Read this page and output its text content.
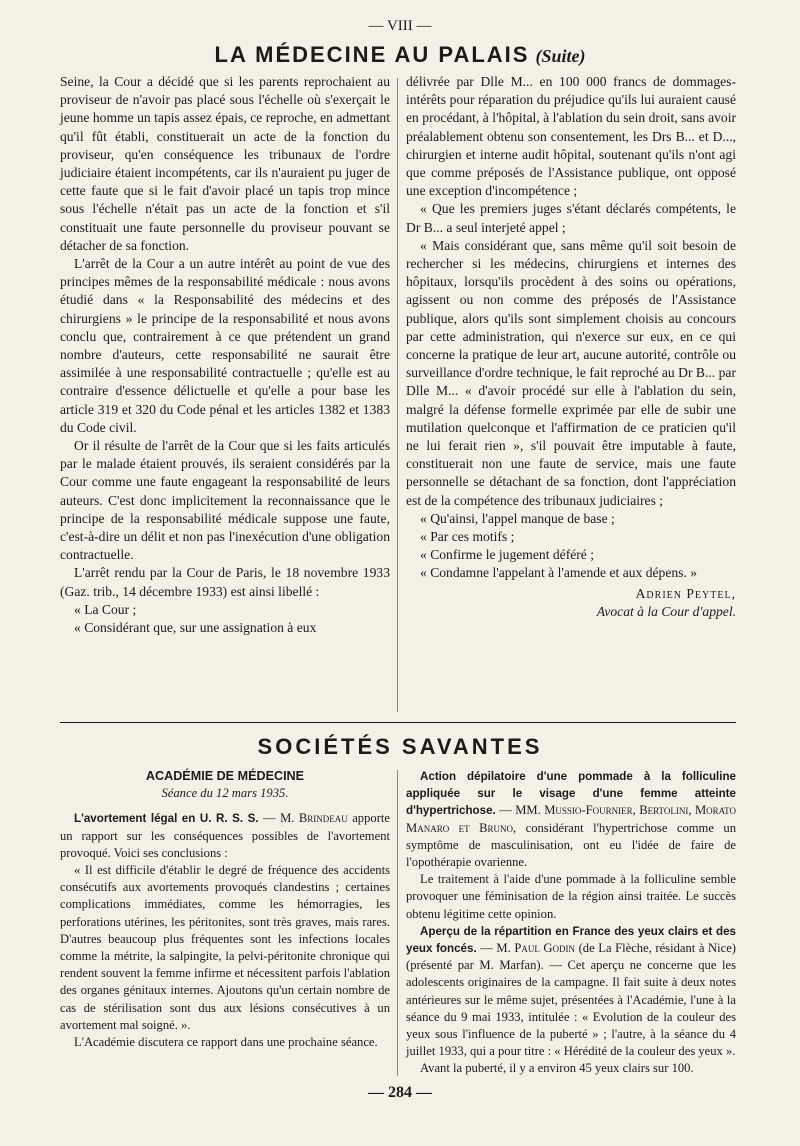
— VIII —
LA MÉDECINE AU PALAIS (Suite)

Seine, la Cour a décidé que si les parents reprochaient au proviseur de n'avoir pas placé sous l'échelle où s'exerçait le jeune homme un tapis assez épais, ce reproche, en admettant qu'il fût établi, constituerait un acte de la fonction du proviseur, qu'en conséquence les tribunaux de l'ordre judiciaire étaient incompétents, car ils n'auraient pu juger de cette faute que si le fait d'avoir placé un tapis trop mince sous l'échelle n'était pas un acte de la fonction et s'il constituait une faute personnelle du proviseur pouvant se détacher de sa fonction.

L'arrêt de la Cour a un autre intérêt au point de vue des principes mêmes de la responsabilité médicale : nous avons étudié dans « la Responsabilité des médecins et des chirurgiens » le principe de la responsabilité et nous avons conclu que, contrairement à ce que prétendent un grand nombre d'auteurs, cette responsabilité ne saurait être assimilée à une responsabilité contractuelle ; qu'elle est au contraire d'essence délictuelle et qu'elle a pour base les article 319 et 320 du Code pénal et les articles 1382 et 1383 du Code civil.

Or il résulte de l'arrêt de la Cour que si les faits articulés par le malade étaient prouvés, ils seraient considérés par la Cour comme une faute engageant la responsabilité de leurs auteurs. C'est donc implicitement la reconnaissance que le principe de la responsabilité médicale suppose une faute, c'est-à-dire un délit et non pas l'inexécution d'une obligation contractuelle.

L'arrêt rendu par la Cour de Paris, le 18 novembre 1933 (Gaz. trib., 14 décembre 1933) est ainsi libellé :

« La Cour ;

« Considérant que, sur une assignation à eux

délivrée par Dlle M... en 100 000 francs de dommages-intérêts pour réparation du préjudice qu'ils lui auraient causé en procédant, à l'hôpital, à l'ablation du sein droit, sans avoir préalablement obtenu son consentement, les Drs B... et D..., chirurgien et interne audit hôpital, soutenant qu'ils n'ont agi que comme préposés de l'Assistance publique, ont opposé une exception d'incompétence ;

« Que les premiers juges s'étant déclarés compétents, le Dr B... a seul interjeté appel ;

« Mais considérant que, sans même qu'il soit besoin de rechercher si les médecins, chirurgiens et internes des hôpitaux, lorsqu'ils procèdent à des soins ou opérations, agissent ou non comme des préposés de l'Assistance publique, alors qu'ils sont simplement choisis au concours par cette administration, qui n'exerce sur eux, en ce qui concerne la pratique de leur art, aucune autorité, contrôle ou surveillance d'ordre technique, le fait reproché au Dr B... par Dlle M... « d'avoir procédé sur elle à l'ablation du sein, malgré la défense formelle exprimée par elle de subir une mutilation quelconque et l'affirmation de ce praticien qu'il ne lui ferait rien », s'il pouvait être imputable à faute, constituerait non une faute de service, mais une faute personnelle se détachant de sa fonction, dont l'appréciation est de la compétence des tribunaux judiciaires ;

« Qu'ainsi, l'appel manque de base ;

« Par ces motifs ;

« Confirme le jugement déféré ;

« Condamne l'appelant à l'amende et aux dépens. »

Adrien Peytel,
Avocat à la Cour d'appel.
SOCIÉTÉS SAVANTES
ACADÉMIE DE MÉDECINE
Séance du 12 mars 1935.

L'avortement légal en U. R. S. S. — M. Brindeau apporte un rapport sur les conséquences possibles de l'avortement provoqué. Voici ses conclusions :

« Il est difficile d'établir le degré de fréquence des accidents consécutifs aux avortements provoqués clandestins ; certaines complications immédiates, comme les hémorragies, les perforations utérines, les péritonites, sont très graves, mais rares. D'autres beaucoup plus fréquentes sont les infections locales comme la métrite, la salpingite, la pelvi-péritonite chronique qui rendent souvent la femme infirme et nécessitent parfois l'ablation des organes génitaux internes. Ajoutons qu'un certain nombre de cas de stérilisation sont dus aux lésions consécutives à un avortement mal soigné. ».

L'Académie discutera ce rapport dans une prochaine séance.

Action dépilatoire d'une pommade à la folliculine appliquée sur le visage d'une femme atteinte d'hypertrichose. — MM. Mussio-Fournier, Bertolini, Morato Manaro et Bruno, considérant l'hypertrichose comme un symptôme de masculinisation, ont eu l'idée de faire de l'opothérapie ovarienne.

Le traitement à l'aide d'une pommade à la folliculine semble provoquer une féminisation de la région ainsi traitée. Le succès obtenu légitime cette opinion.

Aperçu de la répartition en France des yeux clairs et des yeux foncés. — M. Paul Godin (de La Flèche, résidant à Nice) (présenté par M. Marfan). — Cet aperçu ne concerne que les adolescents originaires de la campagne. Il fait suite à deux notes antérieures sur le même sujet, présentées à l'Académie, l'une à la séance du 9 mai 1933, intitulée : « Evolution de la couleur des yeux sous l'influence de la puberté » ; l'autre, à la séance du 4 juillet 1933, qui a pour titre : « Hérédité de la couleur des yeux ».

Avant la puberté, il y a environ 45 yeux clairs sur 100.

— 284 —
